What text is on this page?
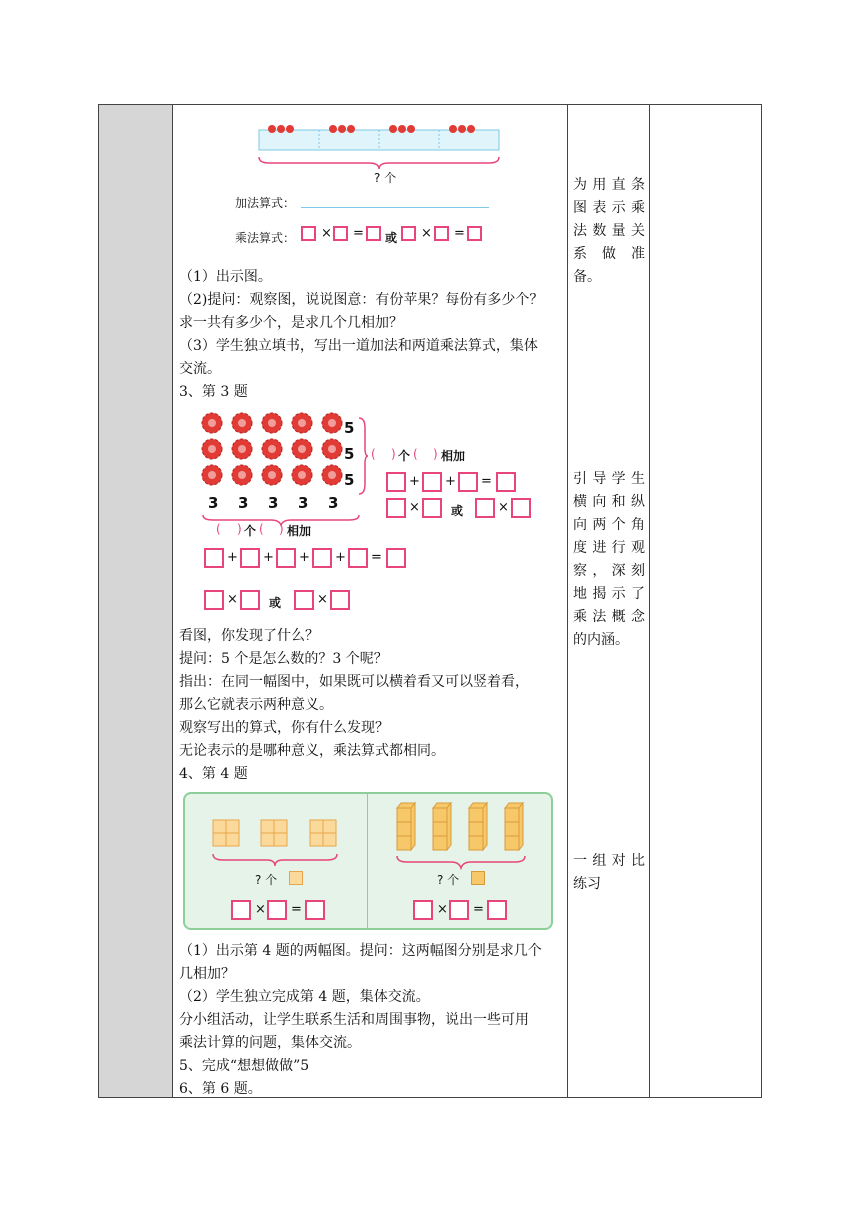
? 个
加法算式：
乘法算式： × = 或 × =
（1）出示图。
（2)提问：观察图，说说图意：有份苹果？每份有多少个？
求一共有多少个，是求几个几相加？
（3）学生独立填书，写出一道加法和两道乘法算式，集体
交流。
3、第 3 题
5
5
5
( ) 个 ( ) 相加
+ + =
×	或	×
3 3 3 3 3
( ) 个 ( ) 相加
+ + + + =
×	或	×
看图，你发现了什么？
提问：5 个是怎么数的？3 个呢？
指出：在同一幅图中，如果既可以横着看又可以竖着看，
那么它就表示两种意义。
观察写出的算式，你有什么发现？
无论表示的是哪种意义，乘法算式都相同。
4、第 4 题
? 个
× =
? 个
× =
（1）出示第 4 题的两幅图。提问：这两幅图分别是求几个
几相加？
（2）学生独立完成第 4 题，集体交流。
分小组活动，让学生联系生活和周围事物，说出一些可用
乘法计算的问题，集体交流。
5、完成“想想做做”5
6、第 6 题。
为用直条
图表示乘
法数量关
系 做 准
备。
引导学生
横向和纵
向两个角
度进行观
察，深刻
地揭示了
乘法概念
的内涵。
一组对比
练习
